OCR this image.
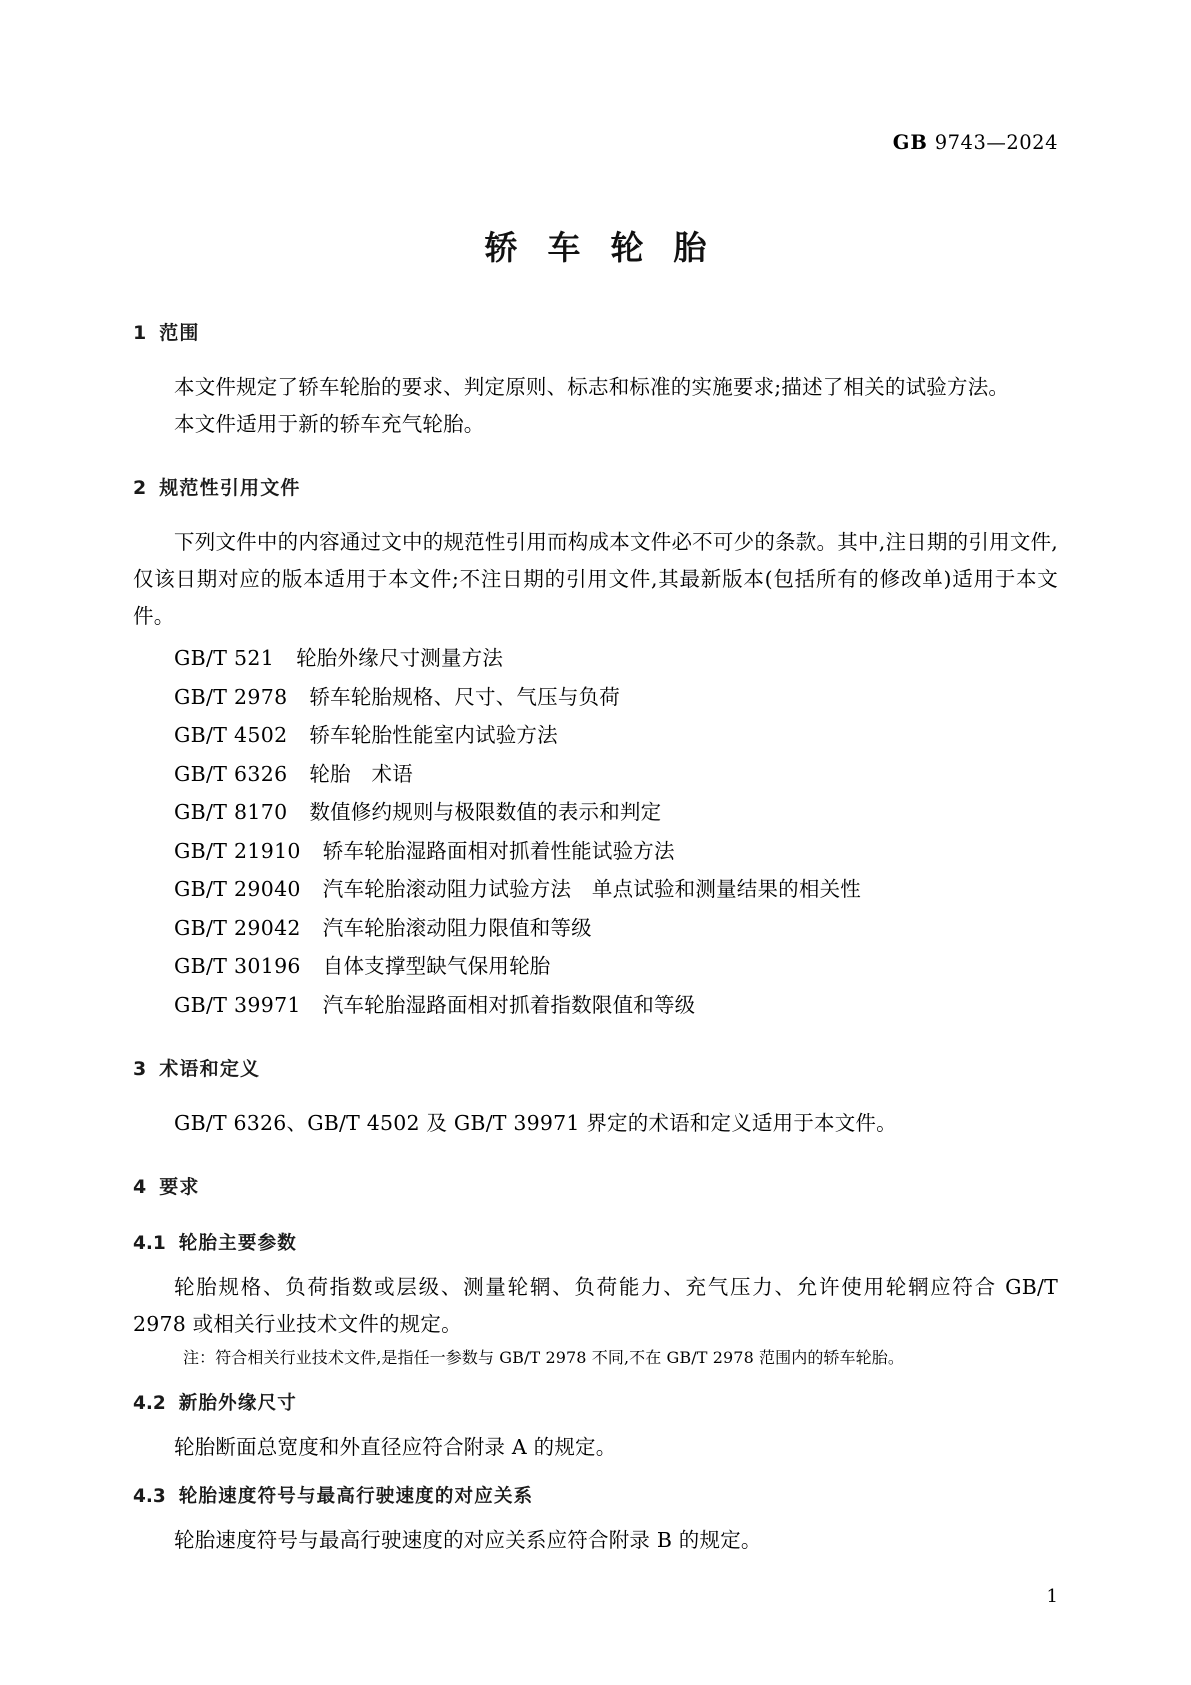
GB 9743—2024
轿车轮胎
1 范围

本文件规定了轿车轮胎的要求、判定原则、标志和标准的实施要求;描述了相关的试验方法。

本文件适用于新的轿车充气轮胎。

2 规范性引用文件

下列文件中的内容通过文中的规范性引用而构成本文件必不可少的条款。其中,注日期的引用文件,仅该日期对应的版本适用于本文件;不注日期的引用文件,其最新版本(包括所有的修改单)适用于本文件。

GB/T 521 轮胎外缘尺寸测量方法
GB/T 2978 轿车轮胎规格、尺寸、气压与负荷
GB/T 4502 轿车轮胎性能室内试验方法
GB/T 6326 轮胎　术语
GB/T 8170 数值修约规则与极限数值的表示和判定
GB/T 21910 轿车轮胎湿路面相对抓着性能试验方法
GB/T 29040 汽车轮胎滚动阻力试验方法　单点试验和测量结果的相关性
GB/T 29042 汽车轮胎滚动阻力限值和等级
GB/T 30196 自体支撑型缺气保用轮胎
GB/T 39971 汽车轮胎湿路面相对抓着指数限值和等级
3 术语和定义

GB/T 6326、GB/T 4502 及 GB/T 39971 界定的术语和定义适用于本文件。

4 要求
4.1 轮胎主要参数

轮胎规格、负荷指数或层级、测量轮辋、负荷能力、充气压力、允许使用轮辋应符合 GB/T 2978 或相关行业技术文件的规定。

注：符合相关行业技术文件,是指任一参数与 GB/T 2978 不同,不在 GB/T 2978 范围内的轿车轮胎。

4.2 新胎外缘尺寸

轮胎断面总宽度和外直径应符合附录 A 的规定。

4.3 轮胎速度符号与最高行驶速度的对应关系

轮胎速度符号与最高行驶速度的对应关系应符合附录 B 的规定。

1
